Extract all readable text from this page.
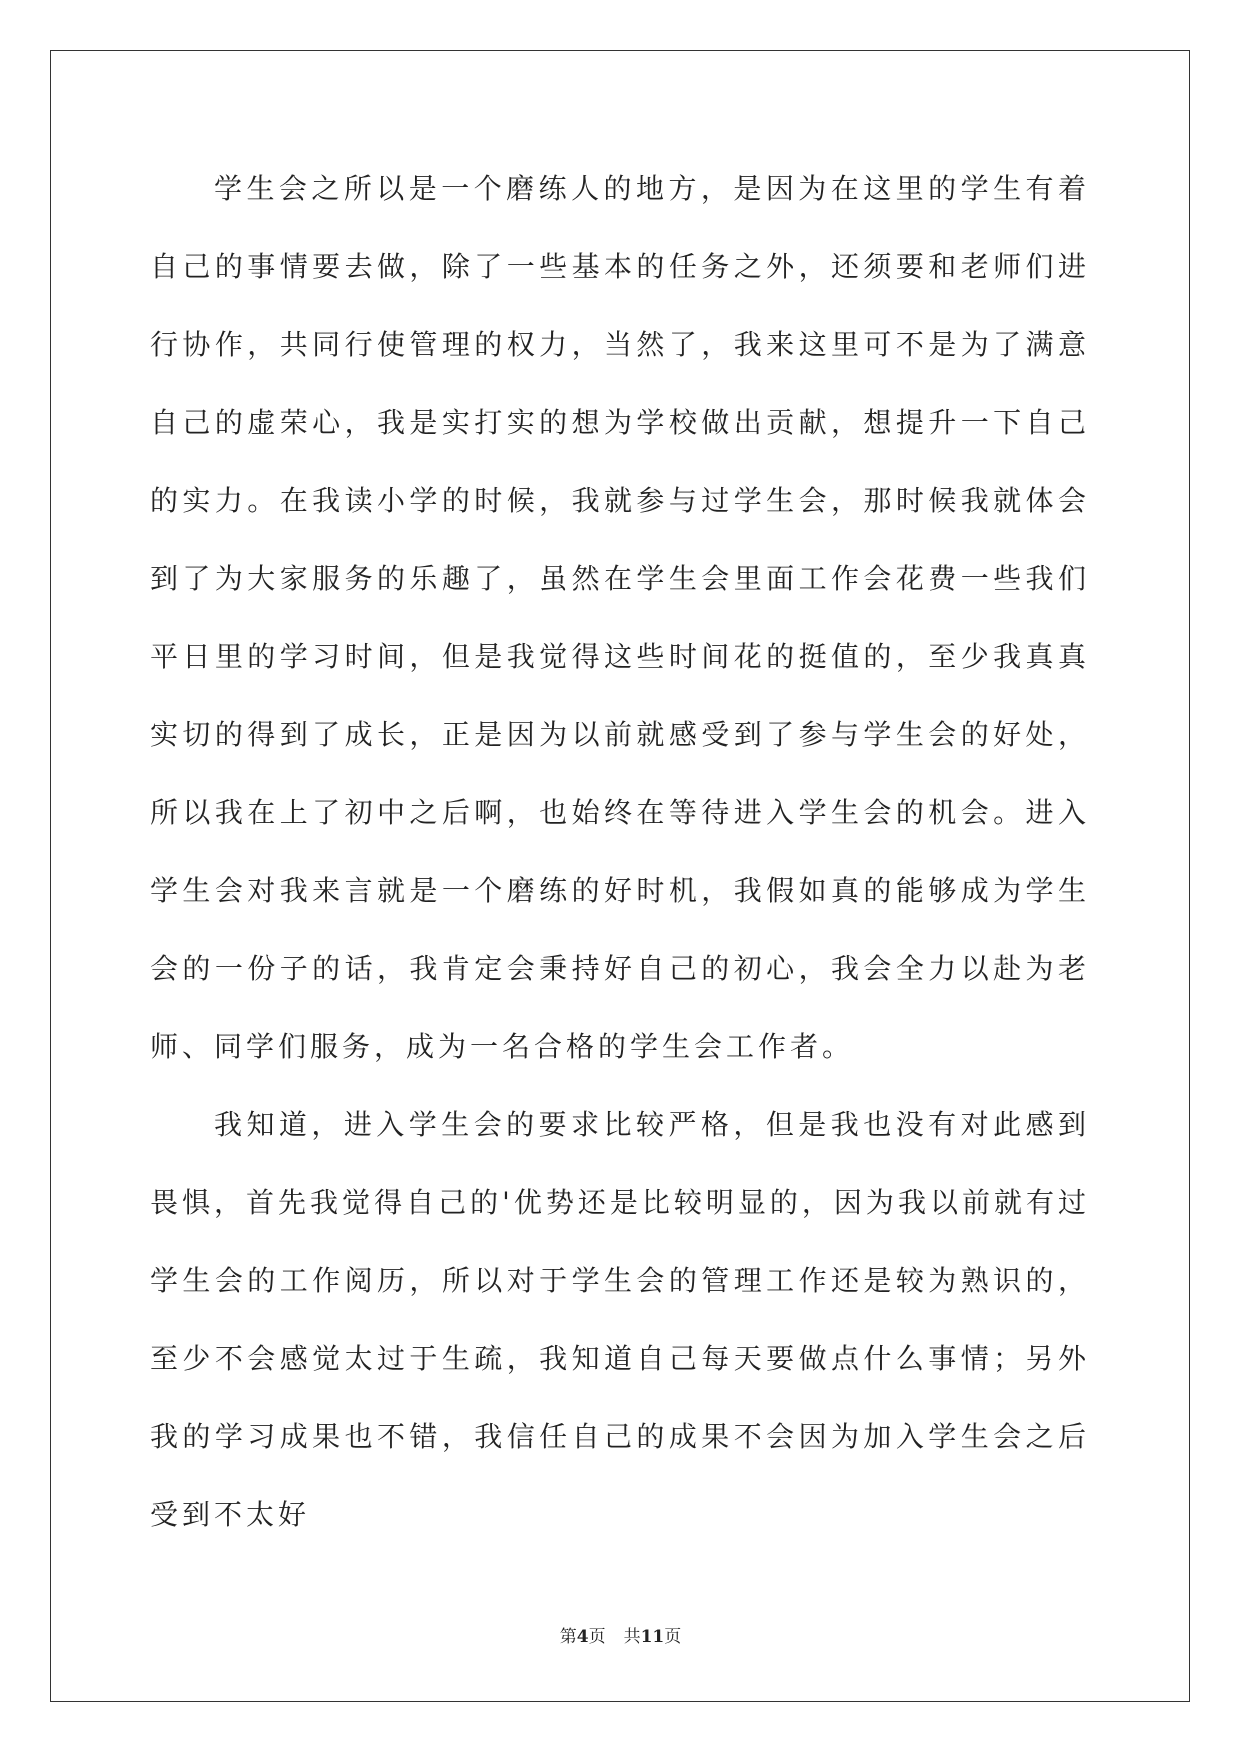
学生会之所以是一个磨练人的地方，是因为在这里的学生有着自己的事情要去做，除了一些基本的任务之外，还须要和老师们进行协作，共同行使管理的权力，当然了，我来这里可不是为了满意自己的虚荣心，我是实打实的想为学校做出贡献，想提升一下自己的实力。在我读小学的时候，我就参与过学生会，那时候我就体会到了为大家服务的乐趣了，虽然在学生会里面工作会花费一些我们平日里的学习时间，但是我觉得这些时间花的挺值的，至少我真真实切的得到了成长，正是因为以前就感受到了参与学生会的好处，所以我在上了初中之后啊，也始终在等待进入学生会的机会。进入学生会对我来言就是一个磨练的好时机，我假如真的能够成为学生会的一份子的话，我肯定会秉持好自己的初心，我会全力以赴为老师、同学们服务，成为一名合格的学生会工作者。

我知道，进入学生会的要求比较严格，但是我也没有对此感到畏惧，首先我觉得自己的'优势还是比较明显的，因为我以前就有过学生会的工作阅历，所以对于学生会的管理工作还是较为熟识的，至少不会感觉太过于生疏，我知道自己每天要做点什么事情；另外我的学习成果也不错，我信任自己的成果不会因为加入学生会之后受到不太好

第4页 共11页
